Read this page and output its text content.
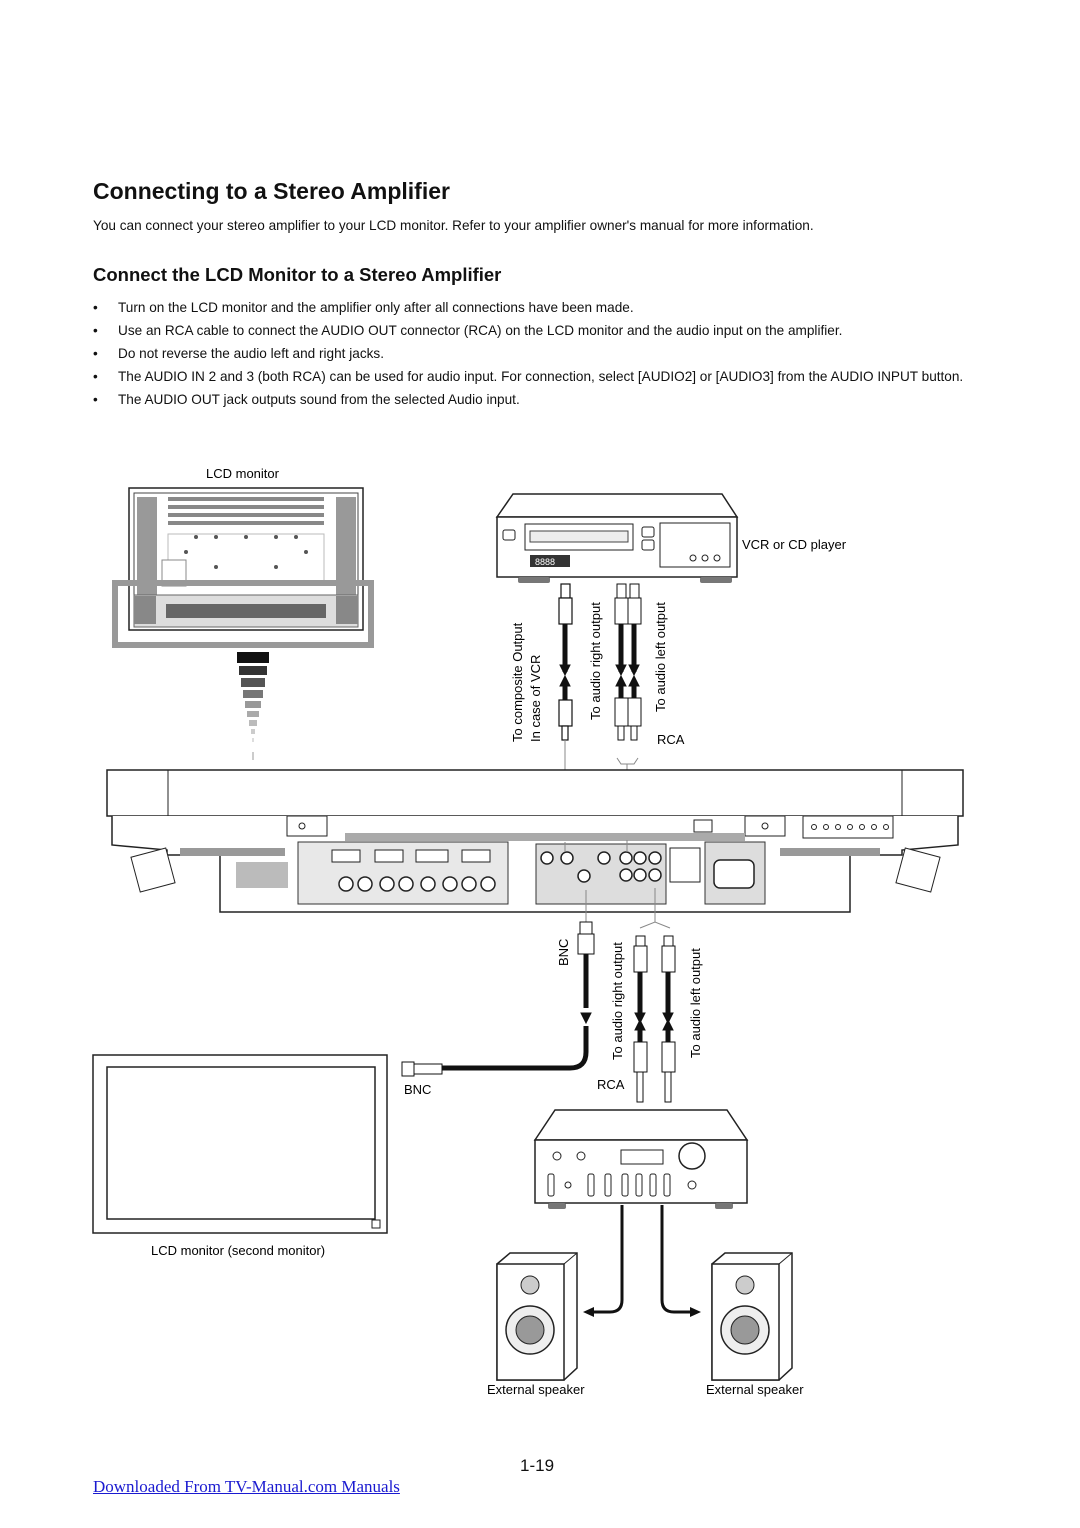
Connecting to a Stereo Amplifier

You can connect your stereo amplifier to your LCD monitor. Refer to your amplifier owner's manual for more information.

Connect the LCD Monitor to a Stereo Amplifier
• Turn on the LCD monitor and the amplifier only after all connections have been made.
• Use an RCA cable to connect the AUDIO OUT connector (RCA) on the LCD monitor and the audio input on the amplifier.
• Do not reverse the audio left and right jacks.
• The AUDIO IN 2 and 3 (both RCA) can be used for audio input. For connection, select [AUDIO2] or [AUDIO3] from the AUDIO INPUT button.
• The AUDIO OUT jack outputs sound from the selected Audio input.
LCD monitor
8888
VCR or CD player
To composite Output In case of VCR	To audio right output	To audio left output
RCA
BNC	To audio right output	To audio left output
BNC	RCA
LCD monitor (second monitor)
External speaker	External speaker

1-19

Downloaded From TV-Manual.com Manuals
